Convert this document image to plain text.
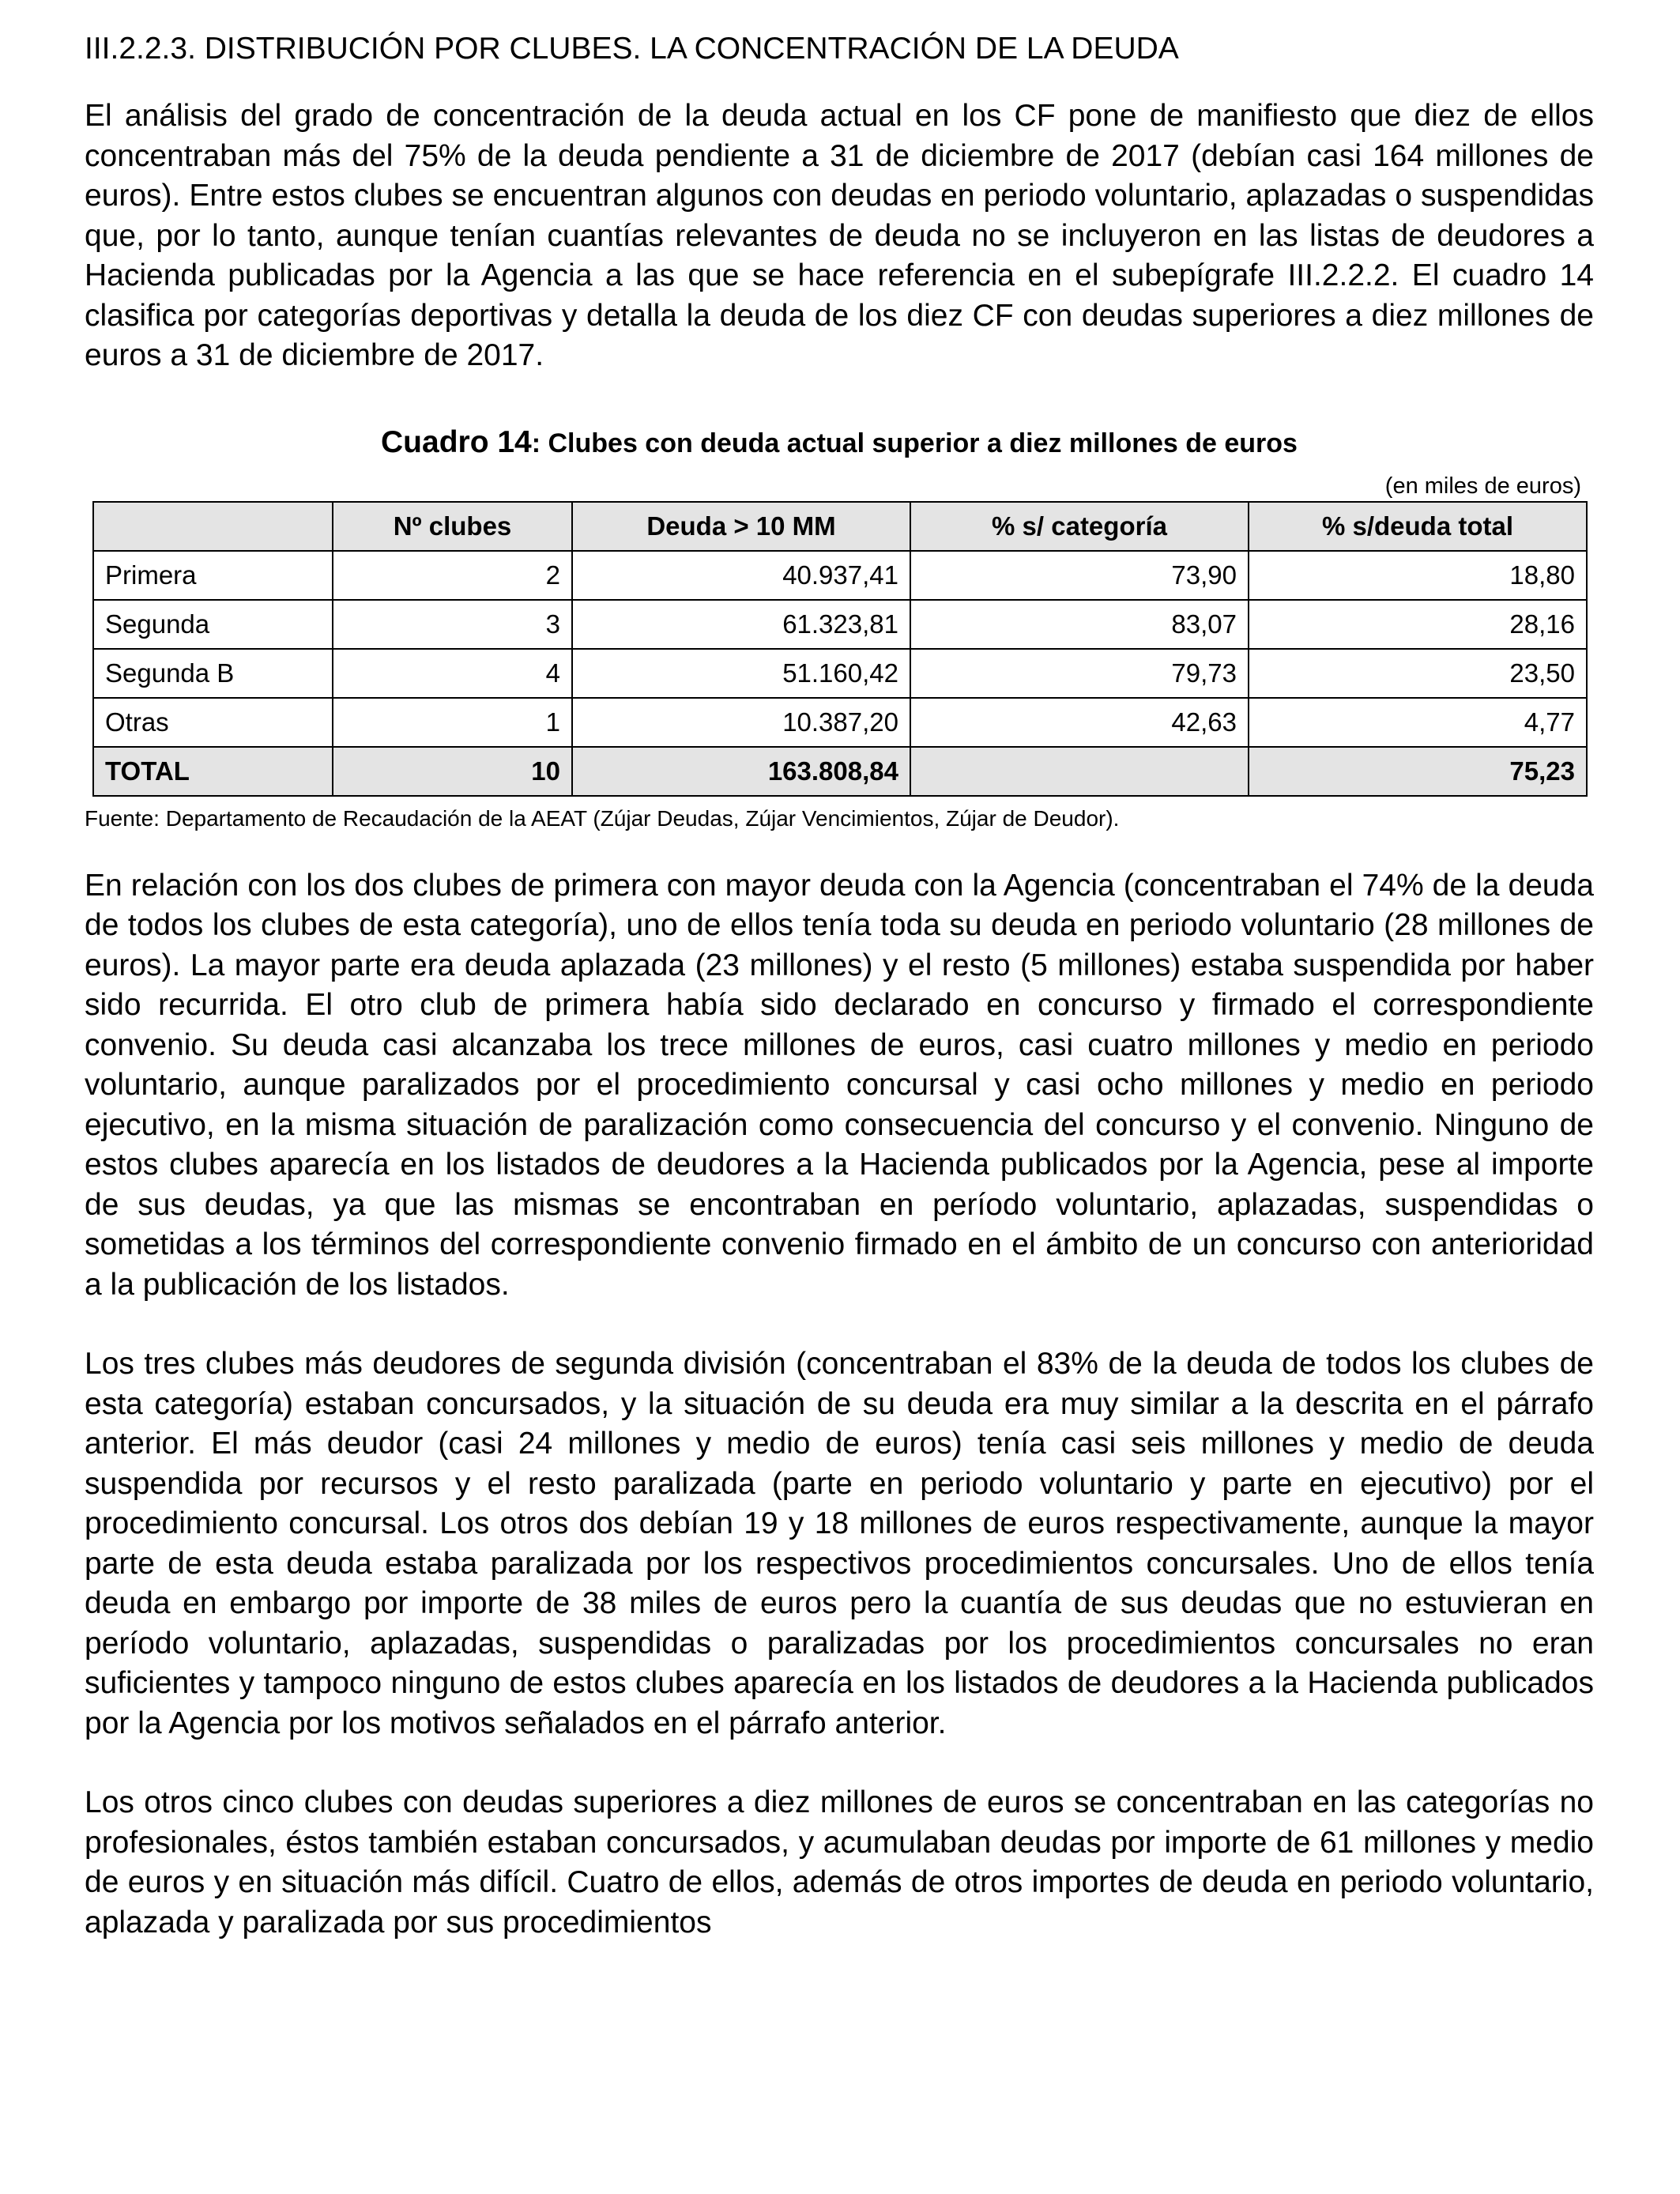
III.2.2.3. DISTRIBUCIÓN POR CLUBES. LA CONCENTRACIÓN DE LA DEUDA

El análisis del grado de concentración de la deuda actual en los CF pone de manifiesto que diez de ellos concentraban más del 75% de la deuda pendiente a 31 de diciembre de 2017 (debían casi 164 millones de euros). Entre estos clubes se encuentran algunos con deudas en periodo voluntario, aplazadas o suspendidas que, por lo tanto, aunque tenían cuantías relevantes de deuda no se incluyeron en las listas de deudores a Hacienda publicadas por la Agencia a las que se hace referencia en el subepígrafe III.2.2.2. El cuadro 14 clasifica por categorías deportivas y detalla la deuda de los diez CF con deudas superiores a diez millones de euros a 31 de diciembre de 2017.

Cuadro 14: Clubes con deuda actual superior a diez millones de euros
(en miles de euros)
	Nº clubes	Deuda > 10 MM	% s/ categoría	% s/deuda total
Primera	2	40.937,41	73,90	18,80
Segunda	3	61.323,81	83,07	28,16
Segunda B	4	51.160,42	79,73	23,50
Otras	1	10.387,20	42,63	4,77
TOTAL	10	163.808,84		75,23
Fuente: Departamento de Recaudación de la AEAT (Zújar Deudas, Zújar Vencimientos, Zújar de Deudor).

En relación con los dos clubes de primera con mayor deuda con la Agencia (concentraban el 74% de la deuda de todos los clubes de esta categoría), uno de ellos tenía toda su deuda en periodo voluntario (28 millones de euros). La mayor parte era deuda aplazada (23 millones) y el resto (5 millones) estaba suspendida por haber sido recurrida. El otro club de primera había sido declarado en concurso y firmado el correspondiente convenio. Su deuda casi alcanzaba los trece millones de euros, casi cuatro millones y medio en periodo voluntario, aunque paralizados por el procedimiento concursal y casi ocho millones y medio en periodo ejecutivo, en la misma situación de paralización como consecuencia del concurso y el convenio. Ninguno de estos clubes aparecía en los listados de deudores a la Hacienda publicados por la Agencia, pese al importe de sus deudas, ya que las mismas se encontraban en período voluntario, aplazadas, suspendidas o sometidas a los términos del correspondiente convenio firmado en el ámbito de un concurso con anterioridad a la publicación de los listados.

Los tres clubes más deudores de segunda división (concentraban el 83% de la deuda de todos los clubes de esta categoría) estaban concursados, y la situación de su deuda era muy similar a la descrita en el párrafo anterior. El más deudor (casi 24 millones y medio de euros) tenía casi seis millones y medio de deuda suspendida por recursos y el resto paralizada (parte en periodo voluntario y parte en ejecutivo) por el procedimiento concursal. Los otros dos debían 19 y 18 millones de euros respectivamente, aunque la mayor parte de esta deuda estaba paralizada por los respectivos procedimientos concursales. Uno de ellos tenía deuda en embargo por importe de 38 miles de euros pero la cuantía de sus deudas que no estuvieran en período voluntario, aplazadas, suspendidas o paralizadas por los procedimientos concursales no eran suficientes y tampoco ninguno de estos clubes aparecía en los listados de deudores a la Hacienda publicados por la Agencia por los motivos señalados en el párrafo anterior.

Los otros cinco clubes con deudas superiores a diez millones de euros se concentraban en las categorías no profesionales, éstos también estaban concursados, y acumulaban deudas por importe de 61 millones y medio de euros y en situación más difícil. Cuatro de ellos, además de otros importes de deuda en periodo voluntario, aplazada y paralizada por sus procedimientos
